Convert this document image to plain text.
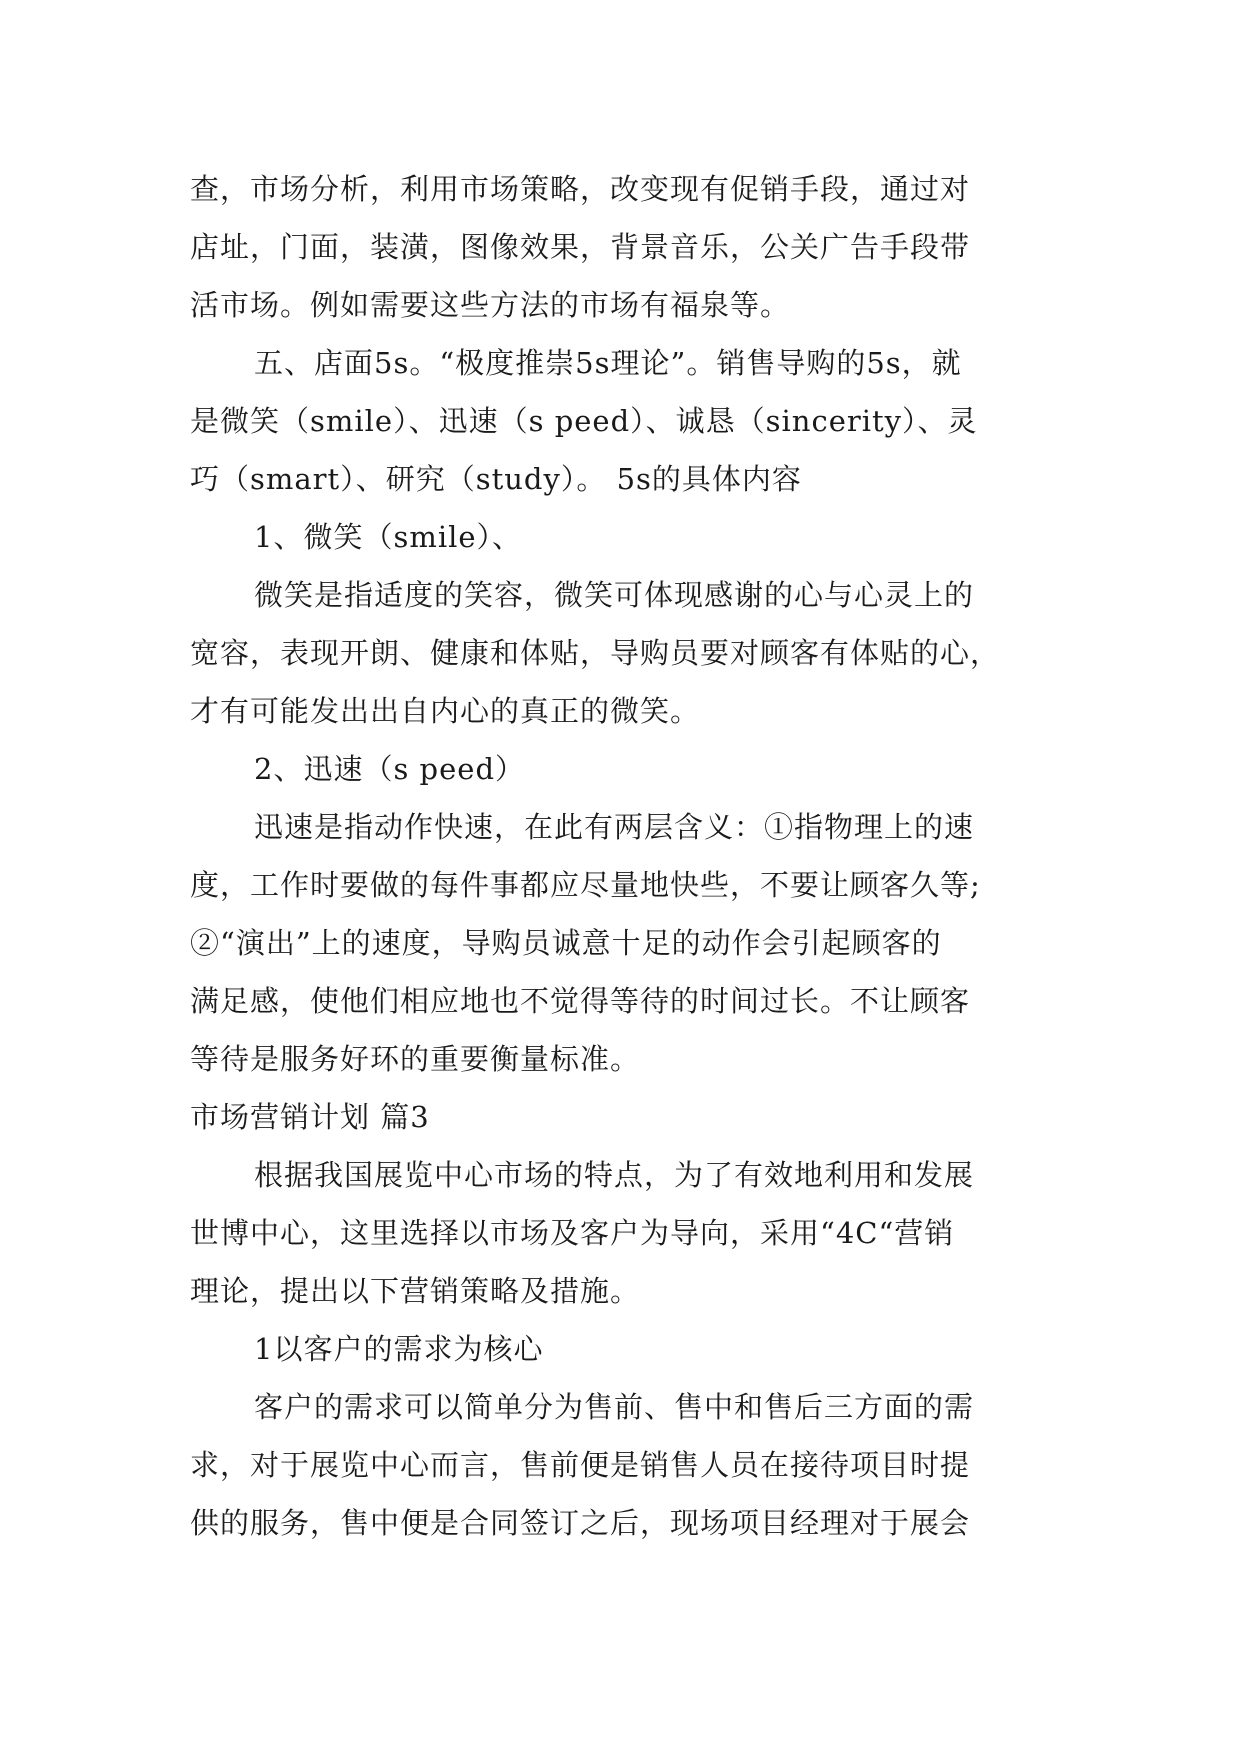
查，市场分析，利用市场策略，改变现有促销手段，通过对
店址，门面，装潢，图像效果，背景音乐，公关广告手段带
活市场。例如需要这些方法的市场有福泉等。
五、店面5s。“极度推崇5s理论”。销售导购的5s，就
是微笑（smile）、迅速（s peed）、诚恳（sincerity）、灵
巧（smart）、研究（study）。 5s的具体内容
1、微笑（smile）、
微笑是指适度的笑容，微笑可体现感谢的心与心灵上的
宽容，表现开朗、健康和体贴，导购员要对顾客有体贴的心，
才有可能发出出自内心的真正的微笑。
2、迅速（s peed）
迅速是指动作快速，在此有两层含义：①指物理上的速
度，工作时要做的每件事都应尽量地快些，不要让顾客久等;
②“演出”上的速度，导购员诚意十足的动作会引起顾客的
满足感，使他们相应地也不觉得等待的时间过长。不让顾客
等待是服务好环的重要衡量标准。
市场营销计划 篇3
根据我国展览中心市场的特点，为了有效地利用和发展
世博中心，这里选择以市场及客户为导向，采用“4C“营销
理论，提出以下营销策略及措施。
1以客户的需求为核心
客户的需求可以简单分为售前、售中和售后三方面的需
求，对于展览中心而言，售前便是销售人员在接待项目时提
供的服务，售中便是合同签订之后，现场项目经理对于展会
